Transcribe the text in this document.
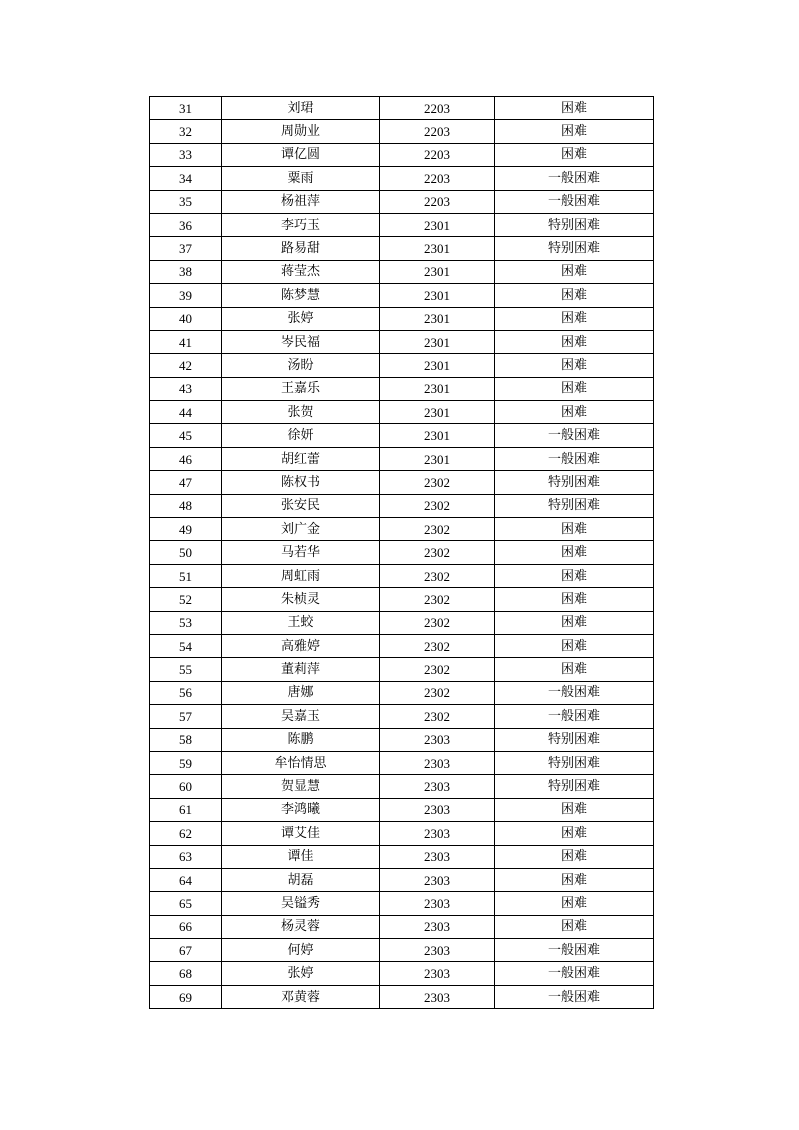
31	刘珺	2203	困难
32	周勋业	2203	困难
33	谭亿圆	2203	困难
34	粟雨	2203	一般困难
35	杨祖萍	2203	一般困难
36	李巧玉	2301	特别困难
37	路易甜	2301	特别困难
38	蒋莹杰	2301	困难
39	陈梦慧	2301	困难
40	张婷	2301	困难
41	岑民福	2301	困难
42	汤盼	2301	困难
43	王嘉乐	2301	困难
44	张贺	2301	困难
45	徐妍	2301	一般困难
46	胡红蕾	2301	一般困难
47	陈权书	2302	特别困难
48	张安民	2302	特别困难
49	刘广金	2302	困难
50	马若华	2302	困难
51	周虹雨	2302	困难
52	朱桢灵	2302	困难
53	王蛟	2302	困难
54	高雅婷	2302	困难
55	董莉萍	2302	困难
56	唐娜	2302	一般困难
57	吴嘉玉	2302	一般困难
58	陈鹏	2303	特别困难
59	牟怡情思	2303	特别困难
60	贺显慧	2303	特别困难
61	李鸿曦	2303	困难
62	谭艾佳	2303	困难
63	谭佳	2303	困难
64	胡磊	2303	困难
65	吴镒秀	2303	困难
66	杨灵蓉	2303	困难
67	何婷	2303	一般困难
68	张婷	2303	一般困难
69	邓黄蓉	2303	一般困难
